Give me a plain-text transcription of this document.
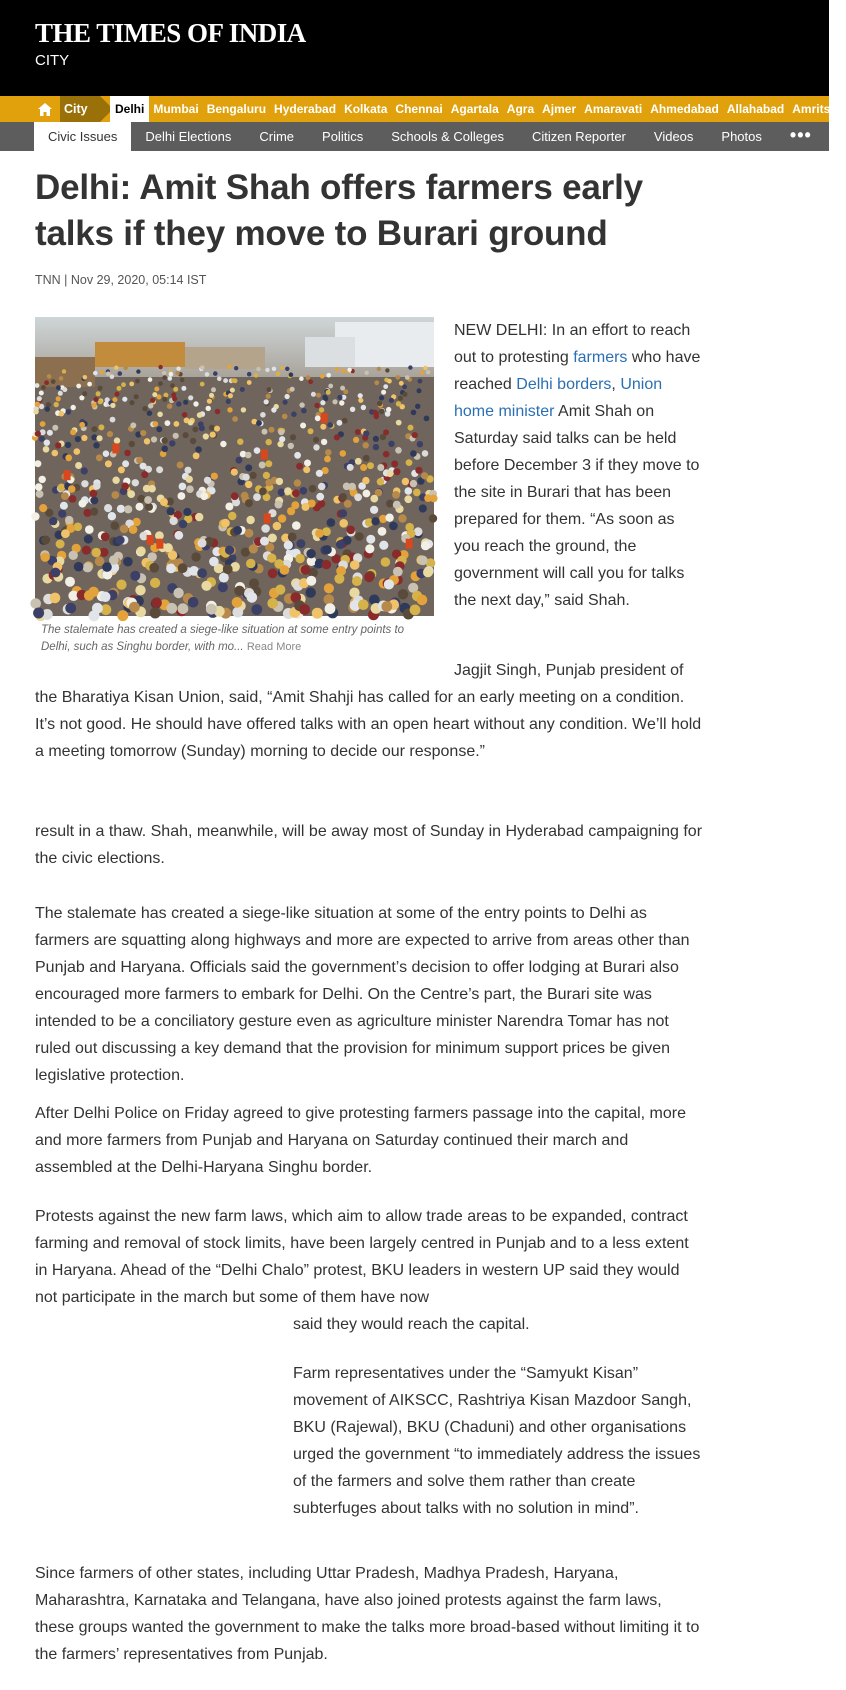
THE TIMES OF INDIA
CITY
City	Delhi Mumbai Bengaluru Hyderabad Kolkata Chennai Agartala Agra Ajmer Amaravati Ahmedabad Allahabad Amritsar
Civic Issues	Delhi Elections	Crime	Politics	Schools & Colleges	Citizen Reporter	Videos	Photos	•••
Delhi: Amit Shah offers farmers early talks if they move to Burari ground
TNN | Nov 29, 2020, 05:14 IST
The stalemate has created a siege-like situation at some entry points to Delhi, such as Singhu border, with mo... Read More

NEW DELHI: In an effort to reach out to protesting farmers who have reached Delhi borders, Union home minister Amit Shah on Saturday said talks can be held before December 3 if they move to the site in Burari that has been prepared for them. “As soon as you reach the ground, the government will call you for talks the next day,” said Shah.

Jagjit Singh, Punjab president of the Bharatiya Kisan Union, said, “Amit Shahji has called for an early meeting on a condition. It’s not good. He should have offered talks with an open heart without any condition. We’ll hold a meeting tomorrow (Sunday) morning to decide our response.”

result in a thaw. Shah, meanwhile, will be away most of Sunday in Hyderabad campaigning for the civic elections.

The stalemate has created a siege-like situation at some of the entry points to Delhi as farmers are squatting along highways and more are expected to arrive from areas other than Punjab and Haryana. Officials said the government’s decision to offer lodging at Burari also encouraged more farmers to embark for Delhi. On the Centre’s part, the Burari site was intended to be a conciliatory gesture even as agriculture minister Narendra Tomar has not ruled out discussing a key demand that the provision for minimum support prices be given legislative protection.

After Delhi Police on Friday agreed to give protesting farmers passage into the capital, more and more farmers from Punjab and Haryana on Saturday continued their march and assembled at the Delhi-Haryana Singhu border.

Protests against the new farm laws, which aim to allow trade areas to be expanded, contract farming and removal of stock limits, have been largely centred in Punjab and to a less extent in Haryana. Ahead of the “Delhi Chalo” protest, BKU leaders in western UP said they would not participate in the march but some of them have now

said they would reach the capital.

Farm representatives under the “Samyukt Kisan” movement of AIKSCC, Rashtriya Kisan Mazdoor Sangh, BKU (Rajewal), BKU (Chaduni) and other organisations urged the government “to immediately address the issues of the farmers and solve them rather than create subterfuges about talks with no solution in mind”.

Since farmers of other states, including Uttar Pradesh, Madhya Pradesh, Haryana, Maharashtra, Karnataka and Telangana, have also joined protests against the farm laws, these groups wanted the government to make the talks more broad-based without limiting it to the farmers’ representatives from Punjab.
